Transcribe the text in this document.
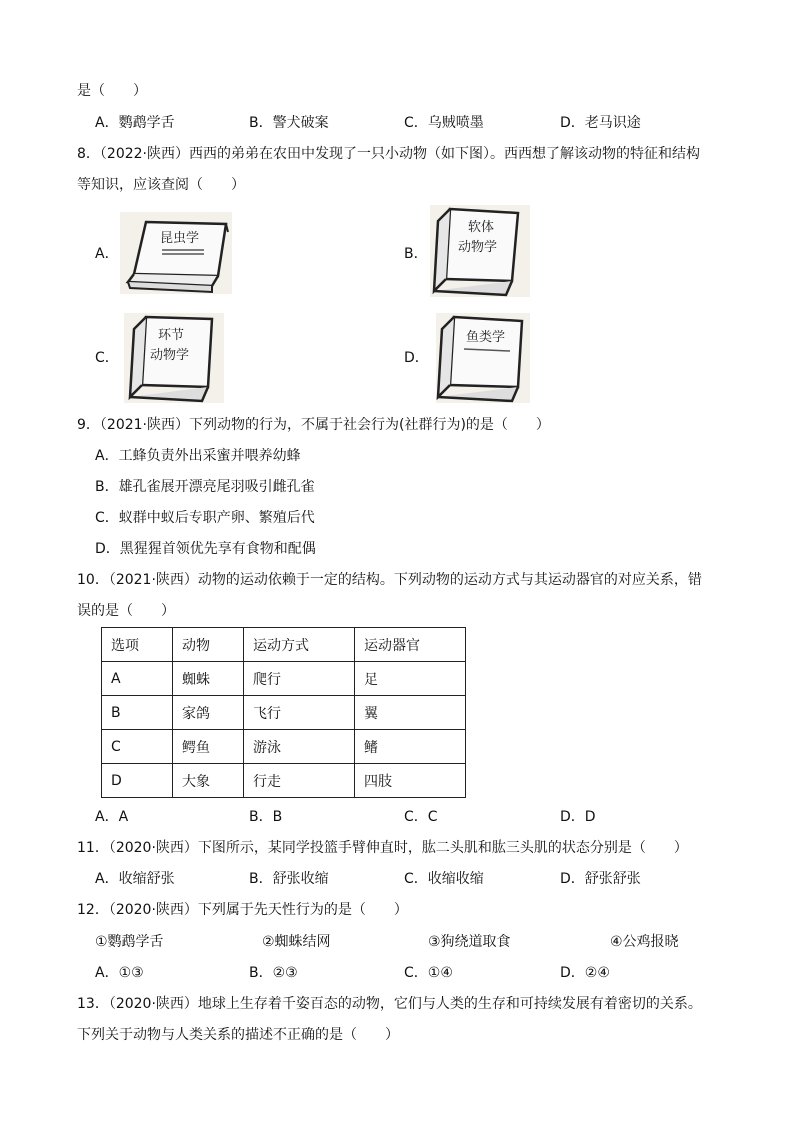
是（　　）
A．鹦鹉学舌	B．警犬破案	C．乌贼喷墨	D．老马识途
8．（2022·陕西）西西的弟弟在农田中发现了一只小动物（如下图）。西西想了解该动物的特征和结构
等知识，应该查阅（　　）
A．	B．
C．	D．
昆虫学
软体
动物学
环节
动物学
鱼类学
9．（2021·陕西）下列动物的行为，不属于社会行为(社群行为)的是（　　）
A．工蜂负责外出采蜜并喂养幼蜂
B．雄孔雀展开漂亮尾羽吸引雌孔雀
C．蚁群中蚁后专职产卵、繁殖后代
D．黑猩猩首领优先享有食物和配偶
10．（2021·陕西）动物的运动依赖于一定的结构。下列动物的运动方式与其运动器官的对应关系，错
误的是（　　）
选项	动物	运动方式	运动器官
A	蜘蛛	爬行	足
B	家鸽	飞行	翼
C	鳄鱼	游泳	鳍
D	大象	行走	四肢
A．A	B．B	C．C	D．D
11．（2020·陕西）下图所示，某同学投篮手臂伸直时，肱二头肌和肱三头肌的状态分别是（　　）
A．收缩舒张	B．舒张收缩	C．收缩收缩	D．舒张舒张
12．（2020·陕西）下列属于先天性行为的是（　　）
①鹦鹉学舌	②蜘蛛结网	③狗绕道取食	④公鸡报晓
A．①③	B．②③	C．①④	D．②④
13．（2020·陕西）地球上生存着千姿百态的动物，它们与人类的生存和可持续发展有着密切的关系。
下列关于动物与人类关系的描述不正确的是（　　）
